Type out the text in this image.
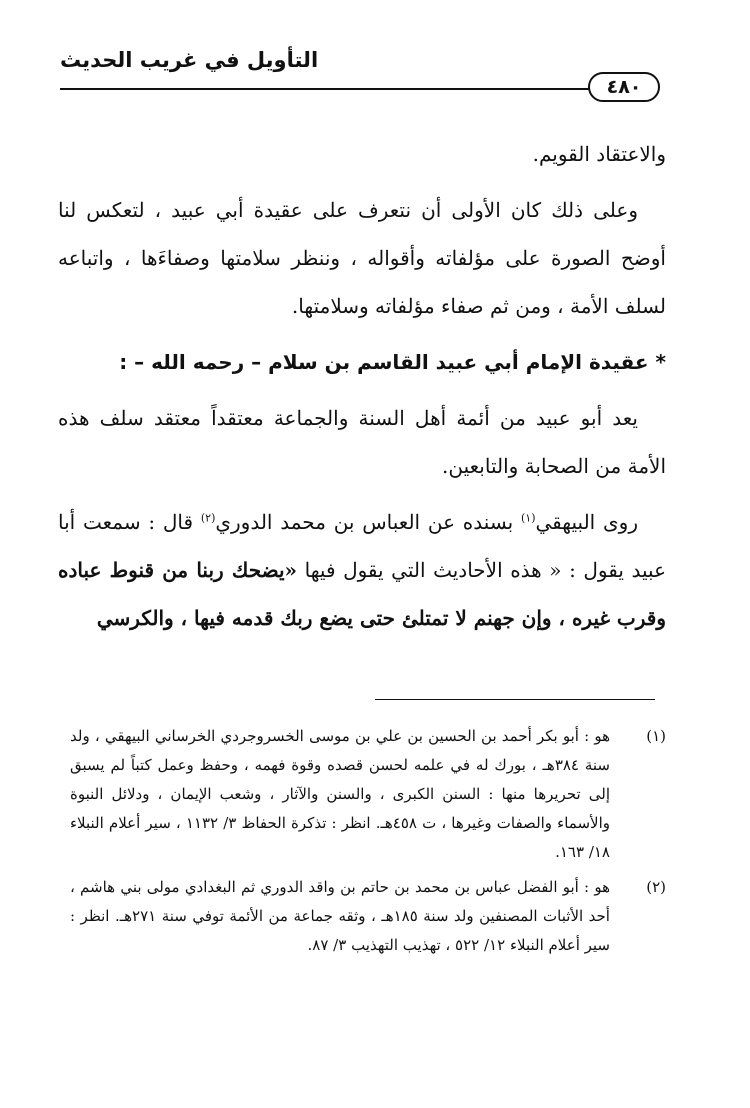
التأويل في غريب الحديث
٤٨٠

والاعتقاد القويم.

وعلى ذلك كان الأولى أن نتعرف على عقيدة أبي عبيد ، لتعكس لنا أوضح الصورة على مؤلفاته وأقواله ، وننظر سلامتها وصفاءَها ، واتباعه لسلف الأمة ، ومن ثم صفاء مؤلفاته وسلامتها.

* عقيدة الإمام أبي عبيد القاسم بن سلام – رحمه الله – :

يعد أبو عبيد من أئمة أهل السنة والجماعة معتقداً معتقد سلف هذه الأمة من الصحابة والتابعين.

روى البيهقي$^{(١)}$ بسنده عن العباس بن محمد الدوري$^{(٢)}$ قال : سمعت أبا عبيد يقول : « هذه الأحاديث التي يقول فيها «يضحك ربنا من قنوط عباده وقرب غيره ، وإن جهنم لا تمتلئ حتى يضع ربك قدمه فيها ، والكرسي

(١)
هو : أبو بكر أحمد بن الحسين بن علي بن موسى الخسروجردي الخرساني البيهقي ، ولد سنة ٣٨٤هـ ، بورك له في علمه لحسن قصده وقوة فهمه ، وحفظ وعمل كتباً لم يسبق إلى تحريرها منها : السنن الكبرى ، والسنن والآثار ، وشعب الإيمان ، ودلائل النبوة والأسماء والصفات وغيرها ، ت ٤٥٨هـ. انظر : تذكرة الحفاظ ٣/ ١١٣٢ ، سير أعلام النبلاء ١٨/ ١٦٣.
(٢)
هو : أبو الفضل عباس بن محمد بن حاتم بن واقد الدوري ثم البغدادي مولى بني هاشم ، أحد الأثبات المصنفين ولد سنة ١٨٥هـ ، وثقه جماعة من الأئمة توفي سنة ٢٧١هـ. انظر : سير أعلام النبلاء ١٢/ ٥٢٢ ، تهذيب التهذيب ٣/ ٨٧.
